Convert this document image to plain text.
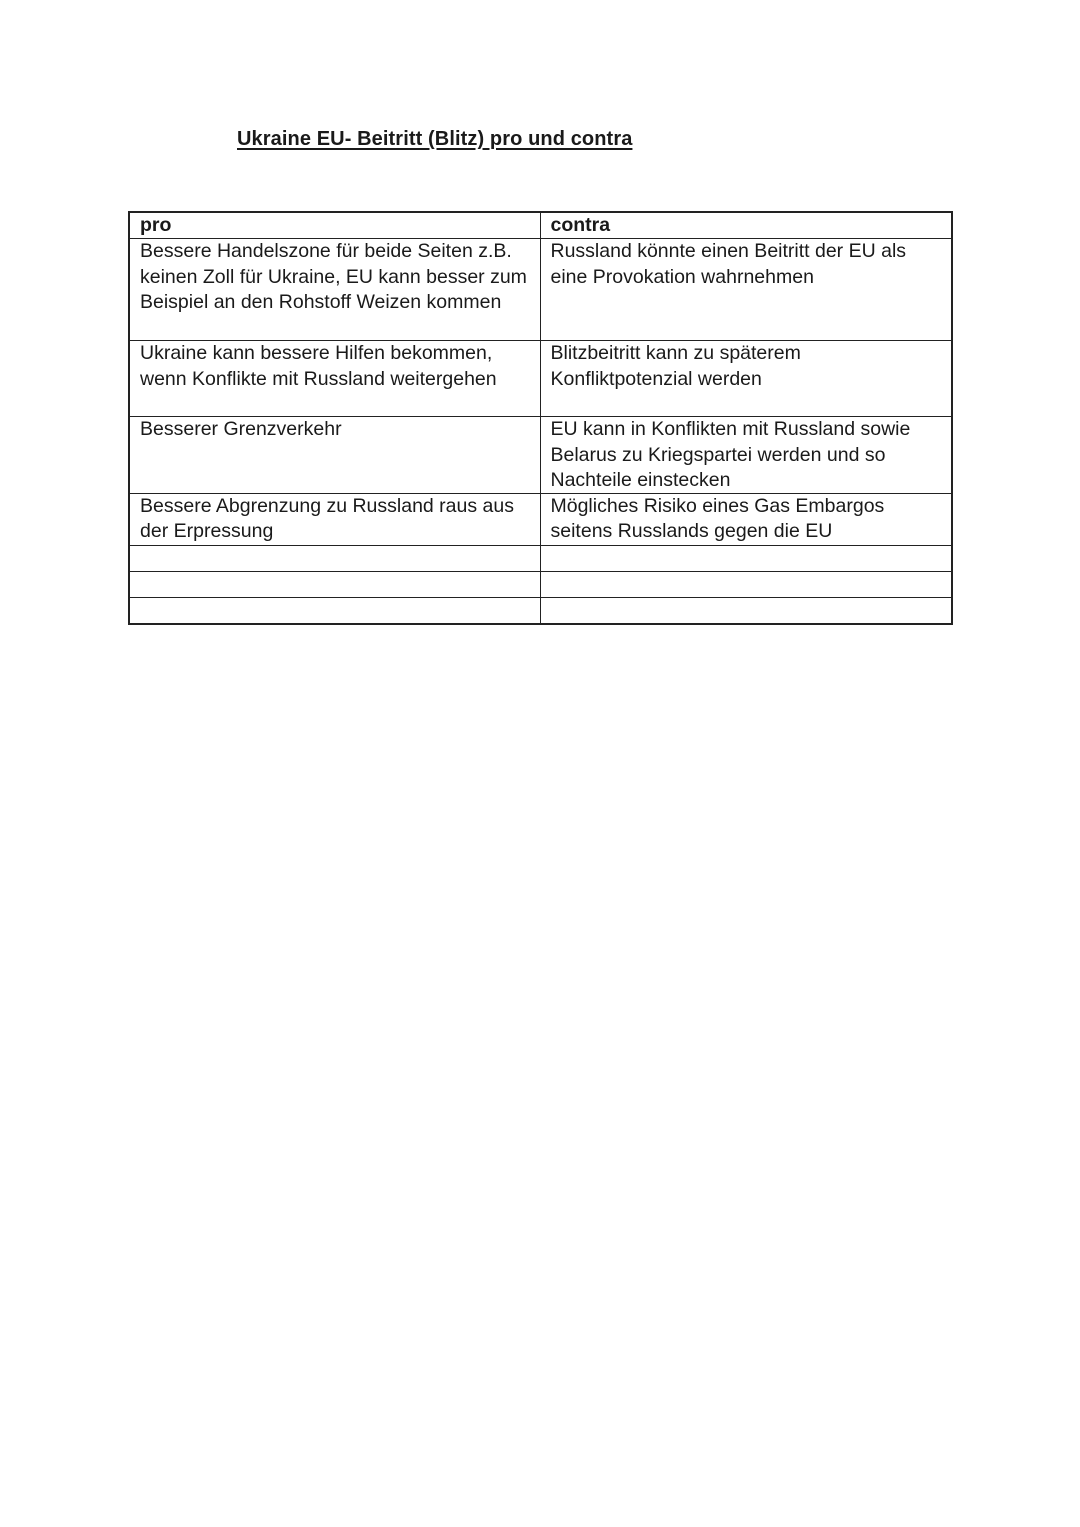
Ukraine EU- Beitritt (Blitz) pro und contra
pro	contra
Bessere Handelszone für beide Seiten z.B. keinen Zoll für Ukraine, EU kann besser zum Beispiel an den Rohstoff Weizen kommen	Russland könnte einen Beitritt der EU als eine Provokation wahrnehmen
Ukraine kann bessere Hilfen bekommen, wenn Konflikte mit Russland weitergehen	Blitzbeitritt kann zu späterem Konfliktpotenzial werden
Besserer Grenzverkehr	EU kann in Konflikten mit Russland sowie Belarus zu Kriegspartei werden und so Nachteile einstecken
Bessere Abgrenzung zu Russland raus aus der Erpressung	Mögliches Risiko eines Gas Embargos seitens Russlands gegen die EU
